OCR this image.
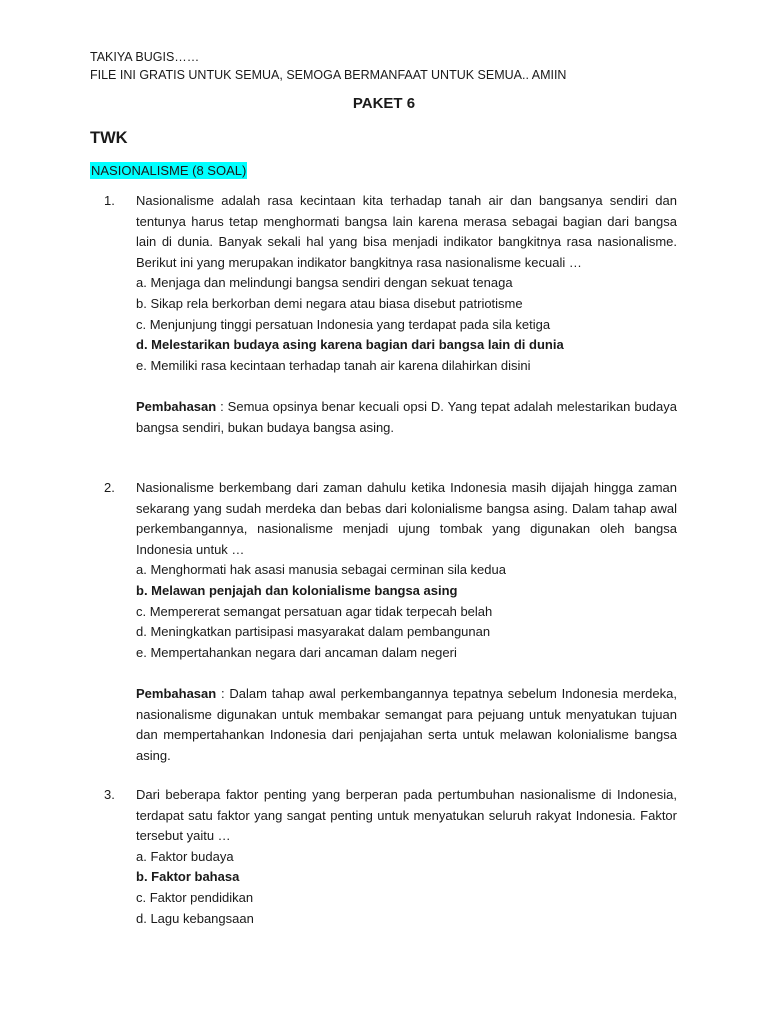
TAKIYA BUGIS……
FILE INI GRATIS UNTUK SEMUA, SEMOGA BERMANFAAT UNTUK SEMUA.. AMIIN
PAKET 6
TWK
NASIONALISME (8 SOAL)
1. Nasionalisme adalah rasa kecintaan kita terhadap tanah air dan bangsanya sendiri dan tentunya harus tetap menghormati bangsa lain karena merasa sebagai bagian dari bangsa lain di dunia. Banyak sekali hal yang bisa menjadi indikator bangkitnya rasa nasionalisme. Berikut ini yang merupakan indikator bangkitnya rasa nasionalisme kecuali …
a. Menjaga dan melindungi bangsa sendiri dengan sekuat tenaga
b. Sikap rela berkorban demi negara atau biasa disebut patriotisme
c. Menjunjung tinggi persatuan Indonesia yang terdapat pada sila ketiga
d. Melestarikan budaya asing karena bagian dari bangsa lain di dunia
e. Memiliki rasa kecintaan terhadap tanah air karena dilahirkan disini
Pembahasan : Semua opsinya benar kecuali opsi D. Yang tepat adalah melestarikan budaya bangsa sendiri, bukan budaya bangsa asing.
2. Nasionalisme berkembang dari zaman dahulu ketika Indonesia masih dijajah hingga zaman sekarang yang sudah merdeka dan bebas dari kolonialisme bangsa asing. Dalam tahap awal perkembangannya, nasionalisme menjadi ujung tombak yang digunakan oleh bangsa Indonesia untuk …
a. Menghormati hak asasi manusia sebagai cerminan sila kedua
b. Melawan penjajah dan kolonialisme bangsa asing
c. Mempererat semangat persatuan agar tidak terpecah belah
d. Meningkatkan partisipasi masyarakat dalam pembangunan
e. Mempertahankan negara dari ancaman dalam negeri
Pembahasan : Dalam tahap awal perkembangannya tepatnya sebelum Indonesia merdeka, nasionalisme digunakan untuk membakar semangat para pejuang untuk menyatukan tujuan dan mempertahankan Indonesia dari penjajahan serta untuk melawan kolonialisme bangsa asing.
3. Dari beberapa faktor penting yang berperan pada pertumbuhan nasionalisme di Indonesia, terdapat satu faktor yang sangat penting untuk menyatukan seluruh rakyat Indonesia. Faktor tersebut yaitu …
a. Faktor budaya
b. Faktor bahasa
c. Faktor pendidikan
d. Lagu kebangsaan
